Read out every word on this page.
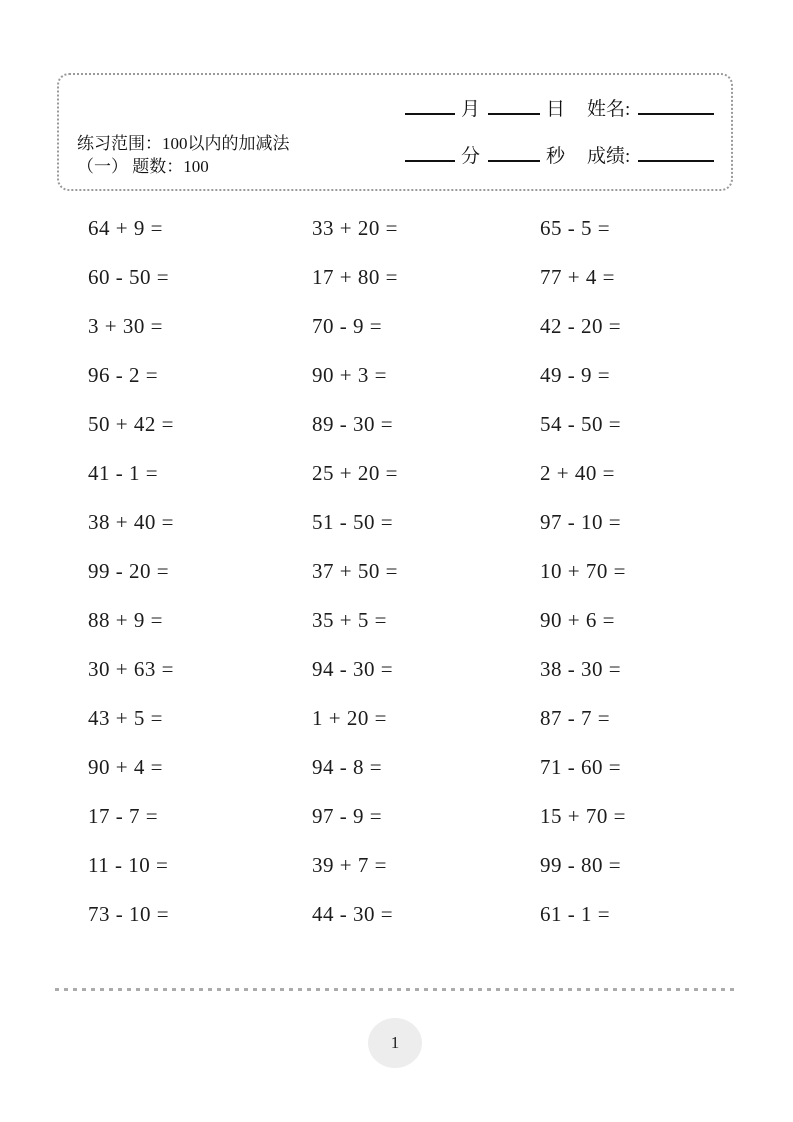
练习范围：100以内的加减法
（一） 题数：100
月	日 姓名:
分	秒 成绩:
64 + 9 =	33 + 20 =	65 - 5 =
60 - 50 =	17 + 80 =	77 + 4 =
3 + 30 =	70 - 9 =	42 - 20 =
96 - 2 =	90 + 3 =	49 - 9 =
50 + 42 =	89 - 30 =	54 - 50 =
41 - 1 =	25 + 20 =	2 + 40 =
38 + 40 =	51 - 50 =	97 - 10 =
99 - 20 =	37 + 50 =	10 + 70 =
88 + 9 =	35 + 5 =	90 + 6 =
30 + 63 =	94 - 30 =	38 - 30 =
43 + 5 =	1 + 20 =	87 - 7 =
90 + 4 =	94 - 8 =	71 - 60 =
17 - 7 =	97 - 9 =	15 + 70 =
11 - 10 =	39 + 7 =	99 - 80 =
73 - 10 =	44 - 30 =	61 - 1 =
1
